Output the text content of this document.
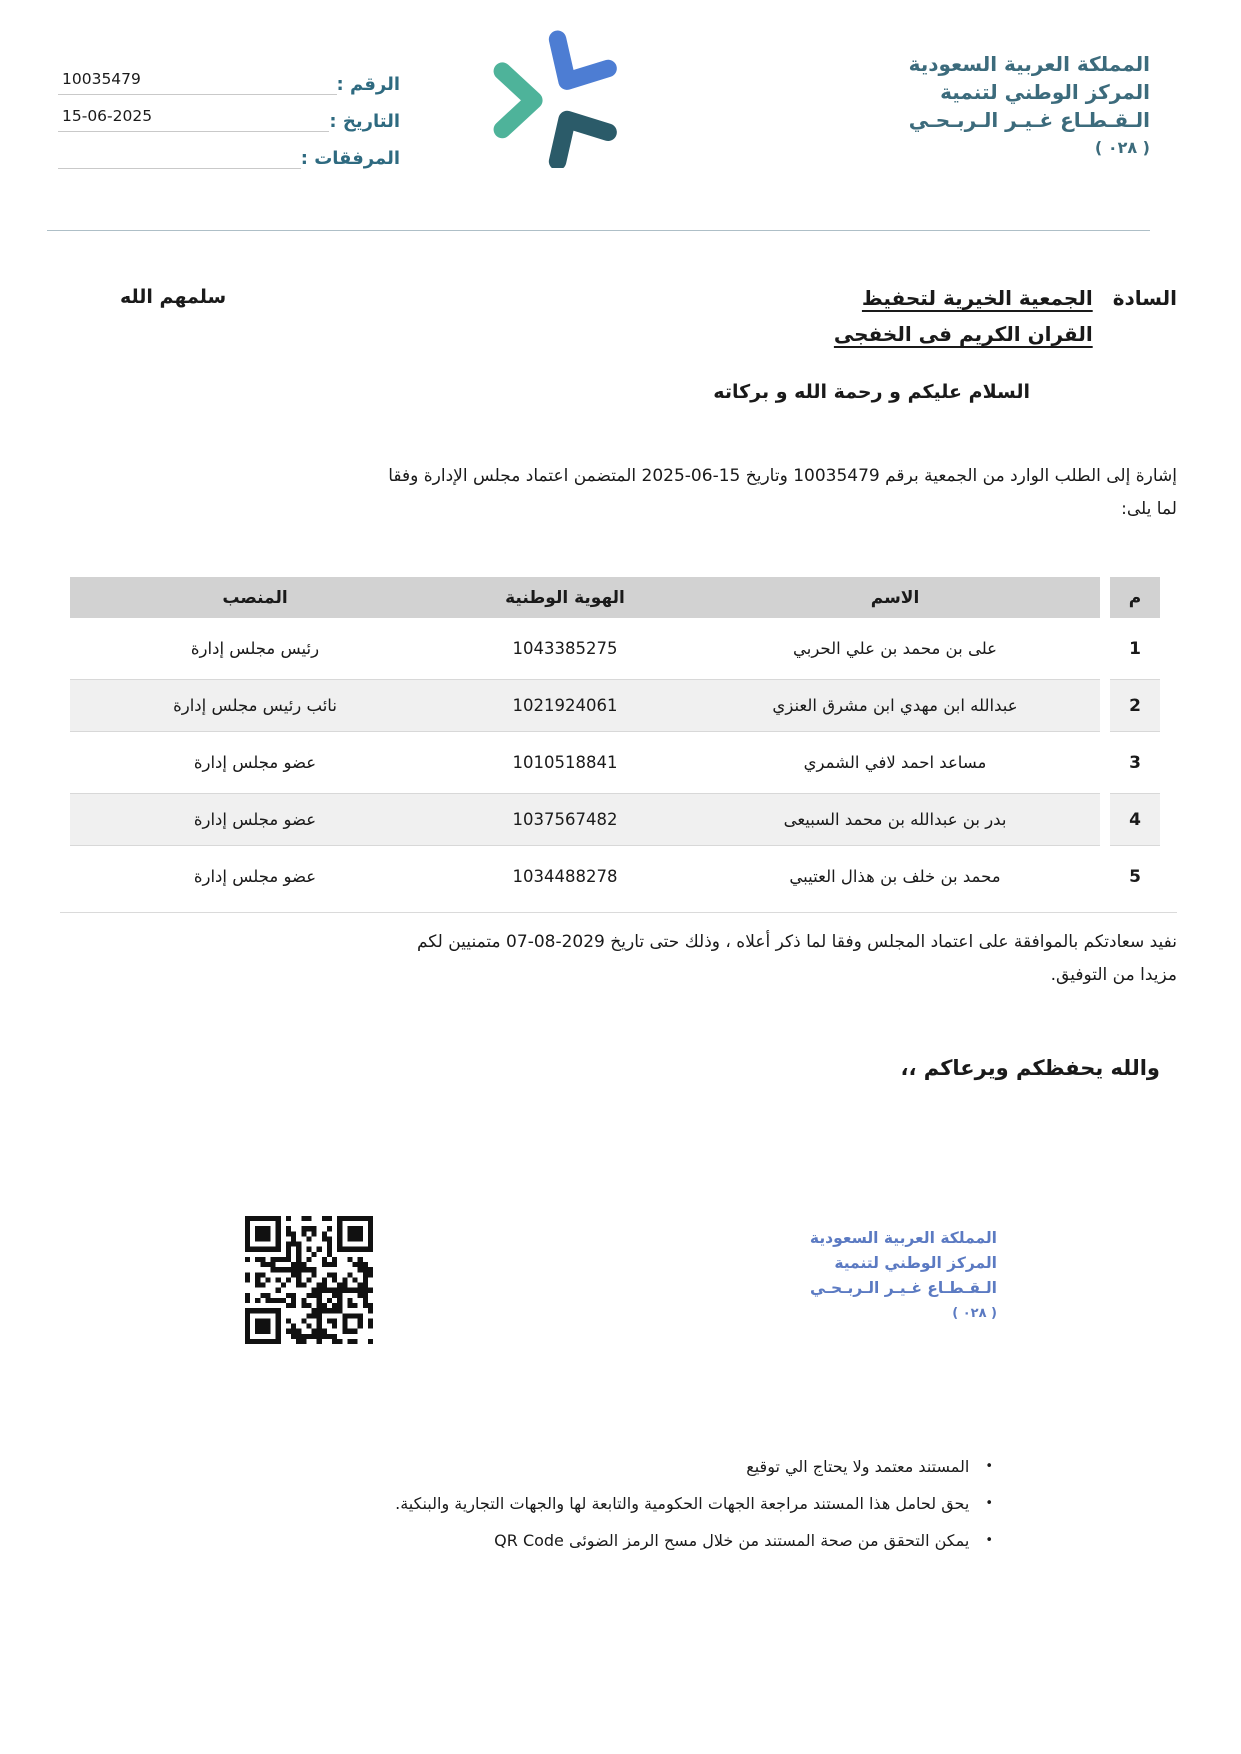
الرقم :
10035479
التاريخ :
15-06-2025
المرفقات :
المملكة العربية السعودية
المركز الوطني لتنمية
الـقـطـاع غـيـر الـربـحـي
( ٠٢٨ )
السادة
الجمعية الخيرية لتحفيظ
القران الكريم فى الخفجى
سلمهم الله
السلام عليكم و رحمة الله و بركاته
إشارة إلى الطلب الوارد من الجمعية برقم 10035479 وتاريخ 15-06-2025 المتضمن اعتماد مجلس الإدارة وفقا
لما يلى:
م
الاسم
الهوية الوطنية
المنصب
1
على بن محمد بن علي الحربي
1043385275
رئيس مجلس إدارة
2
عبدالله ابن مهدي ابن مشرق العنزي
1021924061
نائب رئيس مجلس إدارة
3
مساعد احمد لافي الشمري
1010518841
عضو مجلس إدارة
4
بدر بن عبدالله بن محمد السبيعى
1037567482
عضو مجلس إدارة
5
محمد بن خلف بن هذال العتيبي
1034488278
عضو مجلس إدارة
نفيد سعادتكم بالموافقة على اعتماد المجلس وفقا لما ذكر أعلاه ، وذلك حتى تاريخ 2029-08-07 متمنيين لكم
مزيدا من التوفيق.
والله يحفظكم ويرعاكم ،،
المملكة العربية السعودية
المركز الوطني لتنمية
الـقـطـاع غـيـر الـربـحـي
( ٠٢٨ )
•
المستند معتمد ولا يحتاج الي توقيع
•
يحق لحامل هذا المستند مراجعة الجهات الحكومية والتابعة لها والجهات التجارية والبنكية.
•
يمكن التحقق من صحة المستند من خلال مسح الرمز الضوئى QR Code
